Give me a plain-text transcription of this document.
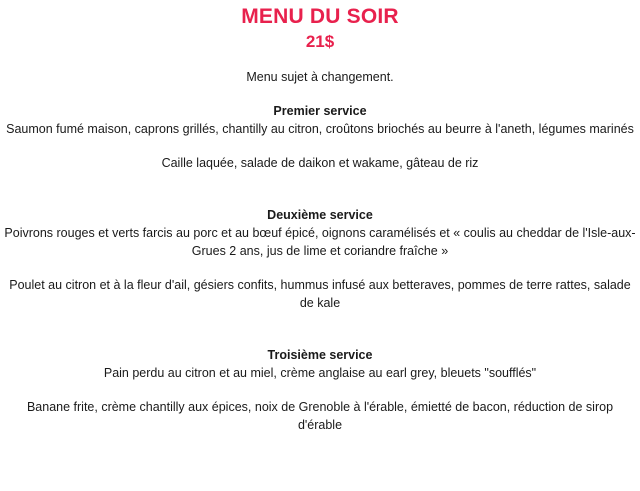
MENU DU SOIR
21$
Menu sujet à changement.
Premier service
Saumon fumé maison, caprons grillés, chantilly au citron, croûtons briochés au beurre à l'aneth, légumes marinés
Caille laquée, salade de daikon et wakame, gâteau de riz
Deuxième service
Poivrons rouges et verts farcis au porc et au bœuf épicé, oignons caramélisés et « coulis au cheddar de l'Isle-aux-Grues 2 ans, jus de lime et coriandre fraîche »
Poulet au citron et à la fleur d'ail, gésiers confits, hummus infusé aux betteraves, pommes de terre rattes, salade de kale
Troisième service
Pain perdu au citron et au miel, crème anglaise au earl grey, bleuets "soufflés"
Banane frite, crème chantilly aux épices, noix de Grenoble à l'érable, émietté de bacon, réduction de sirop d'érable
